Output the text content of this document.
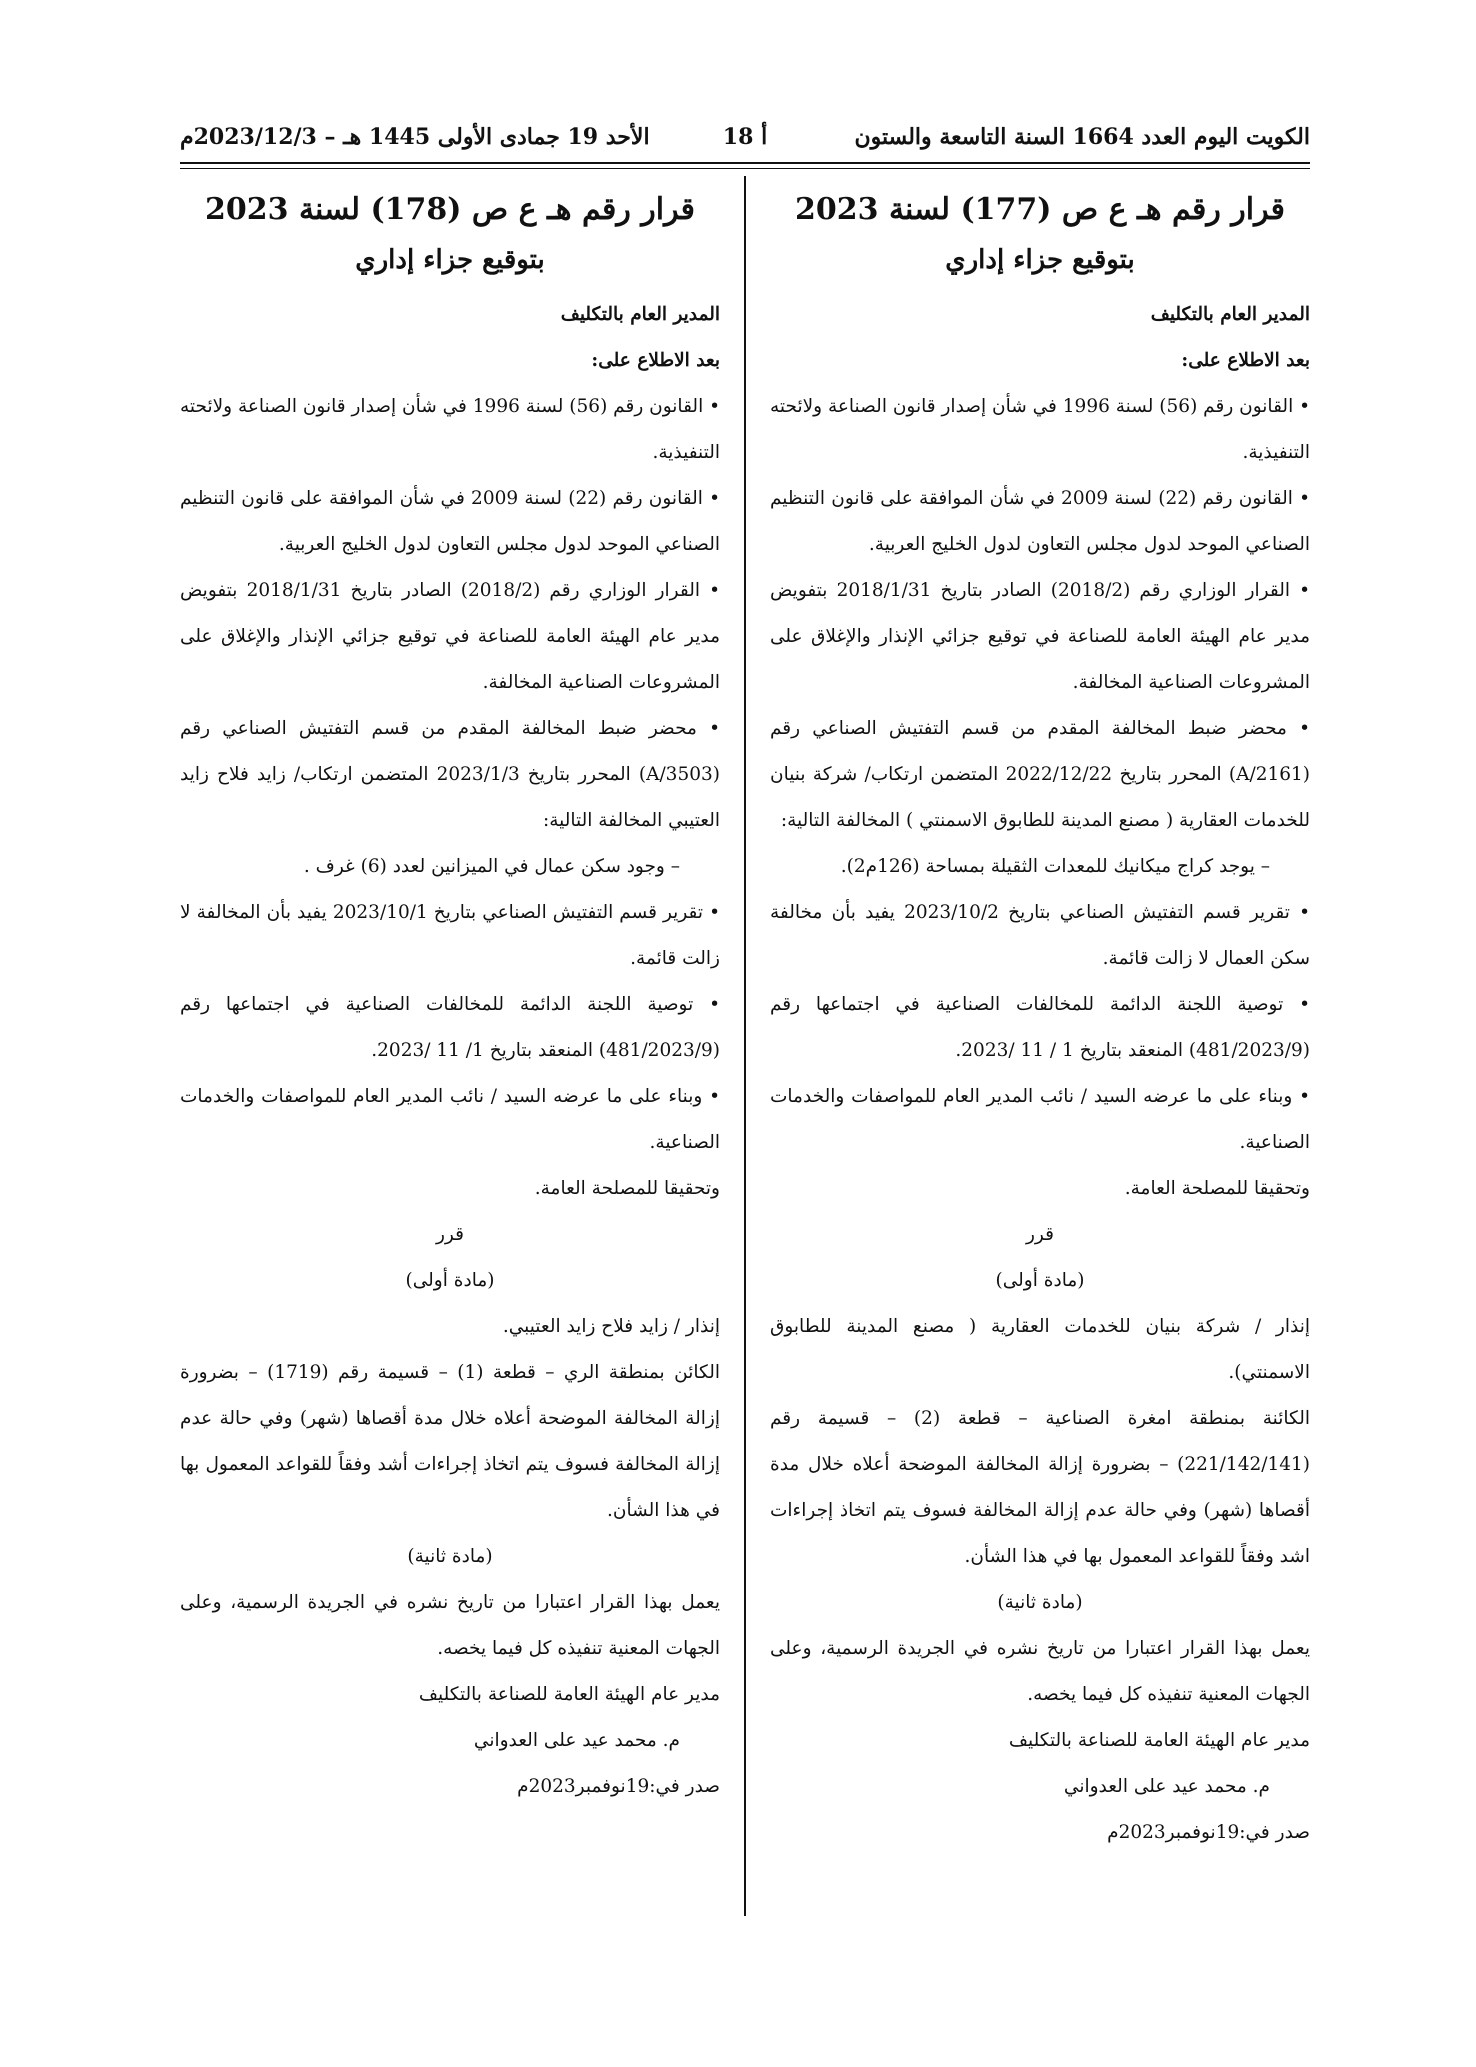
الكويت اليوم العدد 1664 السنة التاسعة والستون
أ 18
الأحد 19 جمادى الأولى 1445 هـ – 2023/12/3م
قرار رقم هـ ع ص (177) لسنة 2023
بتوقيع جزاء إداري

المدير العام بالتكليف

بعد الاطلاع على:

• القانون رقم (56) لسنة 1996 في شأن إصدار قانون الصناعة ولائحته التنفيذية.

• القانون رقم (22) لسنة 2009 في شأن الموافقة على قانون التنظيم الصناعي الموحد لدول مجلس التعاون لدول الخليج العربية.

• القرار الوزاري رقم (2018/2) الصادر بتاريخ 2018/1/31 بتفويض مدير عام الهيئة العامة للصناعة في توقيع جزائي الإنذار والإغلاق على المشروعات الصناعية المخالفة.

• محضر ضبط المخالفة المقدم من قسم التفتيش الصناعي رقم (A/2161) المحرر بتاريخ 2022/12/22 المتضمن ارتكاب/ شركة بنيان للخدمات العقارية ( مصنع المدينة للطابوق الاسمنتي ) المخالفة التالية:

– يوجد كراج ميكانيك للمعدات الثقيلة بمساحة (126م2).

• تقرير قسم التفتيش الصناعي بتاريخ 2023/10/2 يفيد بأن مخالفة سكن العمال لا زالت قائمة.

• توصية اللجنة الدائمة للمخالفات الصناعية في اجتماعها رقم (481/2023/9) المنعقد بتاريخ 1 / 11 /2023.

• وبناء على ما عرضه السيد / نائب المدير العام للمواصفات والخدمات الصناعية.

وتحقيقا للمصلحة العامة.

قرر

(مادة أولى)

إنذار / شركة بنيان للخدمات العقارية ( مصنع المدينة للطابوق الاسمنتي).

الكائنة بمنطقة امغرة الصناعية – قطعة (2) – قسيمة رقم (221/142/141) – بضرورة إزالة المخالفة الموضحة أعلاه خلال مدة أقصاها (شهر) وفي حالة عدم إزالة المخالفة فسوف يتم اتخاذ إجراءات اشد وفقاً للقواعد المعمول بها في هذا الشأن.

(مادة ثانية)

يعمل بهذا القرار اعتبارا من تاريخ نشره في الجريدة الرسمية، وعلى الجهات المعنية تنفيذه كل فيما يخصه.

مدير عام الهيئة العامة للصناعة بالتكليف

م. محمد عيد على العدواني

صدر في:19نوفمبر2023م

قرار رقم هـ ع ص (178) لسنة 2023
بتوقيع جزاء إداري

المدير العام بالتكليف

بعد الاطلاع على:

• القانون رقم (56) لسنة 1996 في شأن إصدار قانون الصناعة ولائحته التنفيذية.

• القانون رقم (22) لسنة 2009 في شأن الموافقة على قانون التنظيم الصناعي الموحد لدول مجلس التعاون لدول الخليج العربية.

• القرار الوزاري رقم (2018/2) الصادر بتاريخ 2018/1/31 بتفويض مدير عام الهيئة العامة للصناعة في توقيع جزائي الإنذار والإغلاق على المشروعات الصناعية المخالفة.

• محضر ضبط المخالفة المقدم من قسم التفتيش الصناعي رقم (A/3503) المحرر بتاريخ 2023/1/3 المتضمن ارتكاب/ زايد فلاح زايد العتيبي المخالفة التالية:

– وجود سكن عمال في الميزانين لعدد (6) غرف .

• تقرير قسم التفتيش الصناعي بتاريخ 2023/10/1 يفيد بأن المخالفة لا زالت قائمة.

• توصية اللجنة الدائمة للمخالفات الصناعية في اجتماعها رقم (481/2023/9) المنعقد بتاريخ 1/ 11 /2023.

• وبناء على ما عرضه السيد / نائب المدير العام للمواصفات والخدمات الصناعية.

وتحقيقا للمصلحة العامة.

قرر

(مادة أولى)

إنذار / زايد فلاح زايد العتيبي.

الكائن بمنطقة الري – قطعة (1) – قسيمة رقم (1719) – بضرورة إزالة المخالفة الموضحة أعلاه خلال مدة أقصاها (شهر) وفي حالة عدم إزالة المخالفة فسوف يتم اتخاذ إجراءات أشد وفقاً للقواعد المعمول بها في هذا الشأن.

(مادة ثانية)

يعمل بهذا القرار اعتبارا من تاريخ نشره في الجريدة الرسمية، وعلى الجهات المعنية تنفيذه كل فيما يخصه.

مدير عام الهيئة العامة للصناعة بالتكليف

م. محمد عيد على العدواني

صدر في:19نوفمبر2023م
